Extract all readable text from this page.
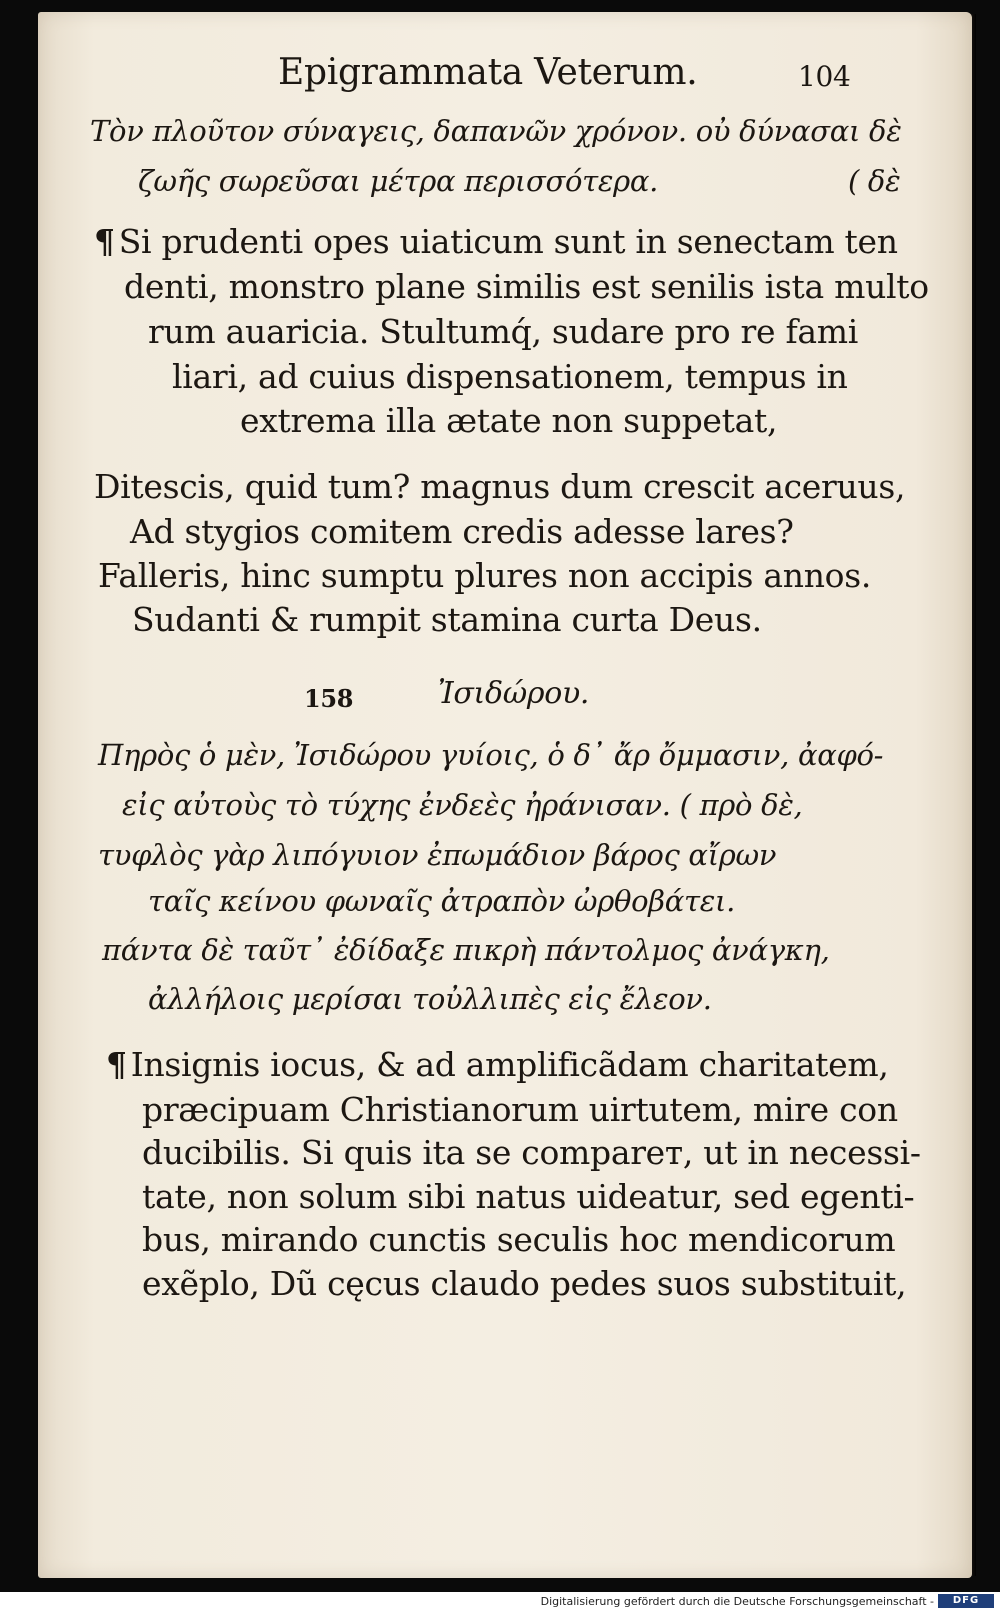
Epigrammata Veterum.	104
Τὸν πλοῦτον σύναγεις, δαπανῶν χρόνον. οὐ δύνασαι δὲ
ζωῆς σωρεῦσαι μέτρα περισσότερα.	( δὲ
¶ Si prudenti opes uiaticum sunt in senectam ten
denti, monstro plane similis est senilis ista multo
rum auaricia. Stultumq́, sudare pro re fami
liari, ad cuius dispensationem, tempus in
extrema illa ætate non suppetat,
Ditescis, quid tum? magnus dum crescit aceruus,
Ad stygios comitem credis adesse lares?
Falleris, hinc sumptu plures non accipis annos.
Sudanti & rumpit stamina curta Deus.
158	Ἰσιδώρου.
Πηρὸς ὁ μὲν, Ἰσιδώρου γυίοις, ὁ δ᾽ ἄρ ὄμμασιν, ἀαφό-
εἰς αὐτοὺς τὸ τύχης ἐνδεὲς ἠράνισαν. ( πρὸ δὲ,
τυφλὸς γὰρ λιπόγυιον ἐπωμάδιον βάρος αἴρων
ταῖς κείνου φωναῖς ἀτραπὸν ὠρθοβάτει.
πάντα δὲ ταῦτ᾽ ἐδίδαξε πικρὴ πάντολμος ἀνάγκη,
ἀλλήλοις μερίσαι τοὐλλιπὲς εἰς ἔλεον.
¶ Insignis iocus, & ad amplificãdam charitatem,
præcipuam Christianorum uirtutem, mire con
ducibilis. Si quis ita se compareт, ut in necessi-
tate, non solum sibi natus uideatur, sed egenti-
bus, mirando cunctis seculis hoc mendicorum
exẽplo, Dũ cęcus claudo pedes suos substituit,
Digitalisierung gefördert durch die Deutsche Forschungsgemeinschaft -	DFG
